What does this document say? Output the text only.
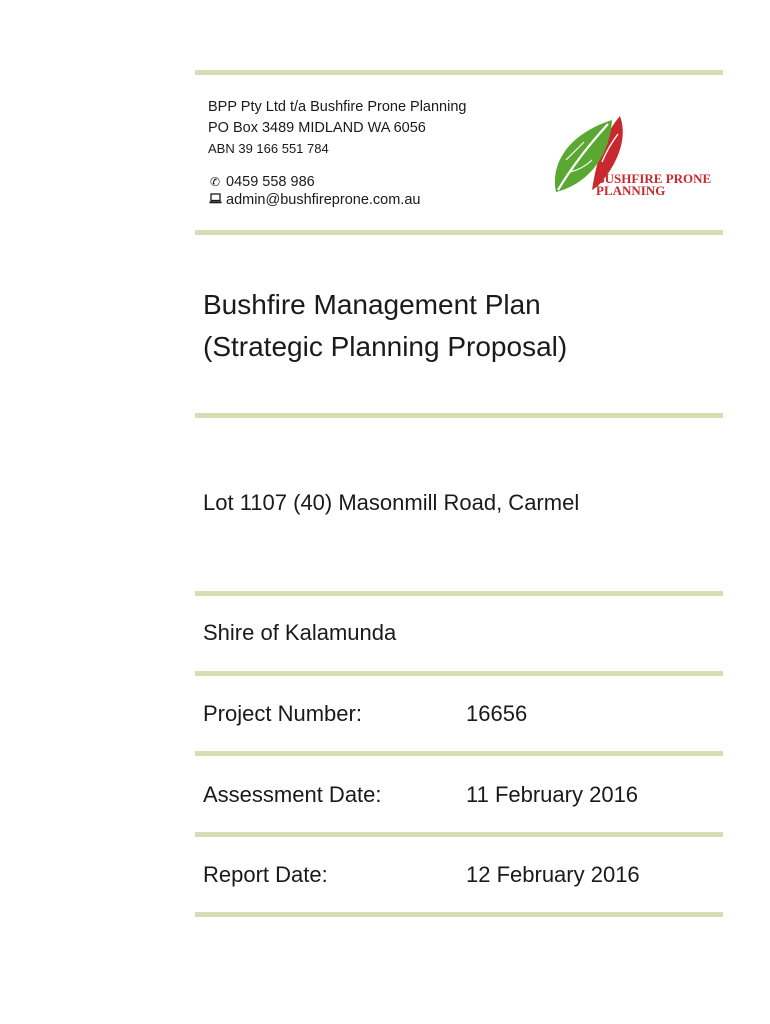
BPP Pty Ltd t/a Bushfire Prone Planning
PO Box 3489 MIDLAND WA 6056
ABN 39 166 551 784
✆ 0459 558 986
admin@bushfireprone.com.au
BUSHFIRE PRONE
PLANNING
Bushfire Management Plan
(Strategic Planning Proposal)
Lot 1107 (40) Masonmill Road, Carmel
Shire of Kalamunda
Project Number:	16656
Assessment Date:	11 February 2016
Report Date:	12 February 2016
